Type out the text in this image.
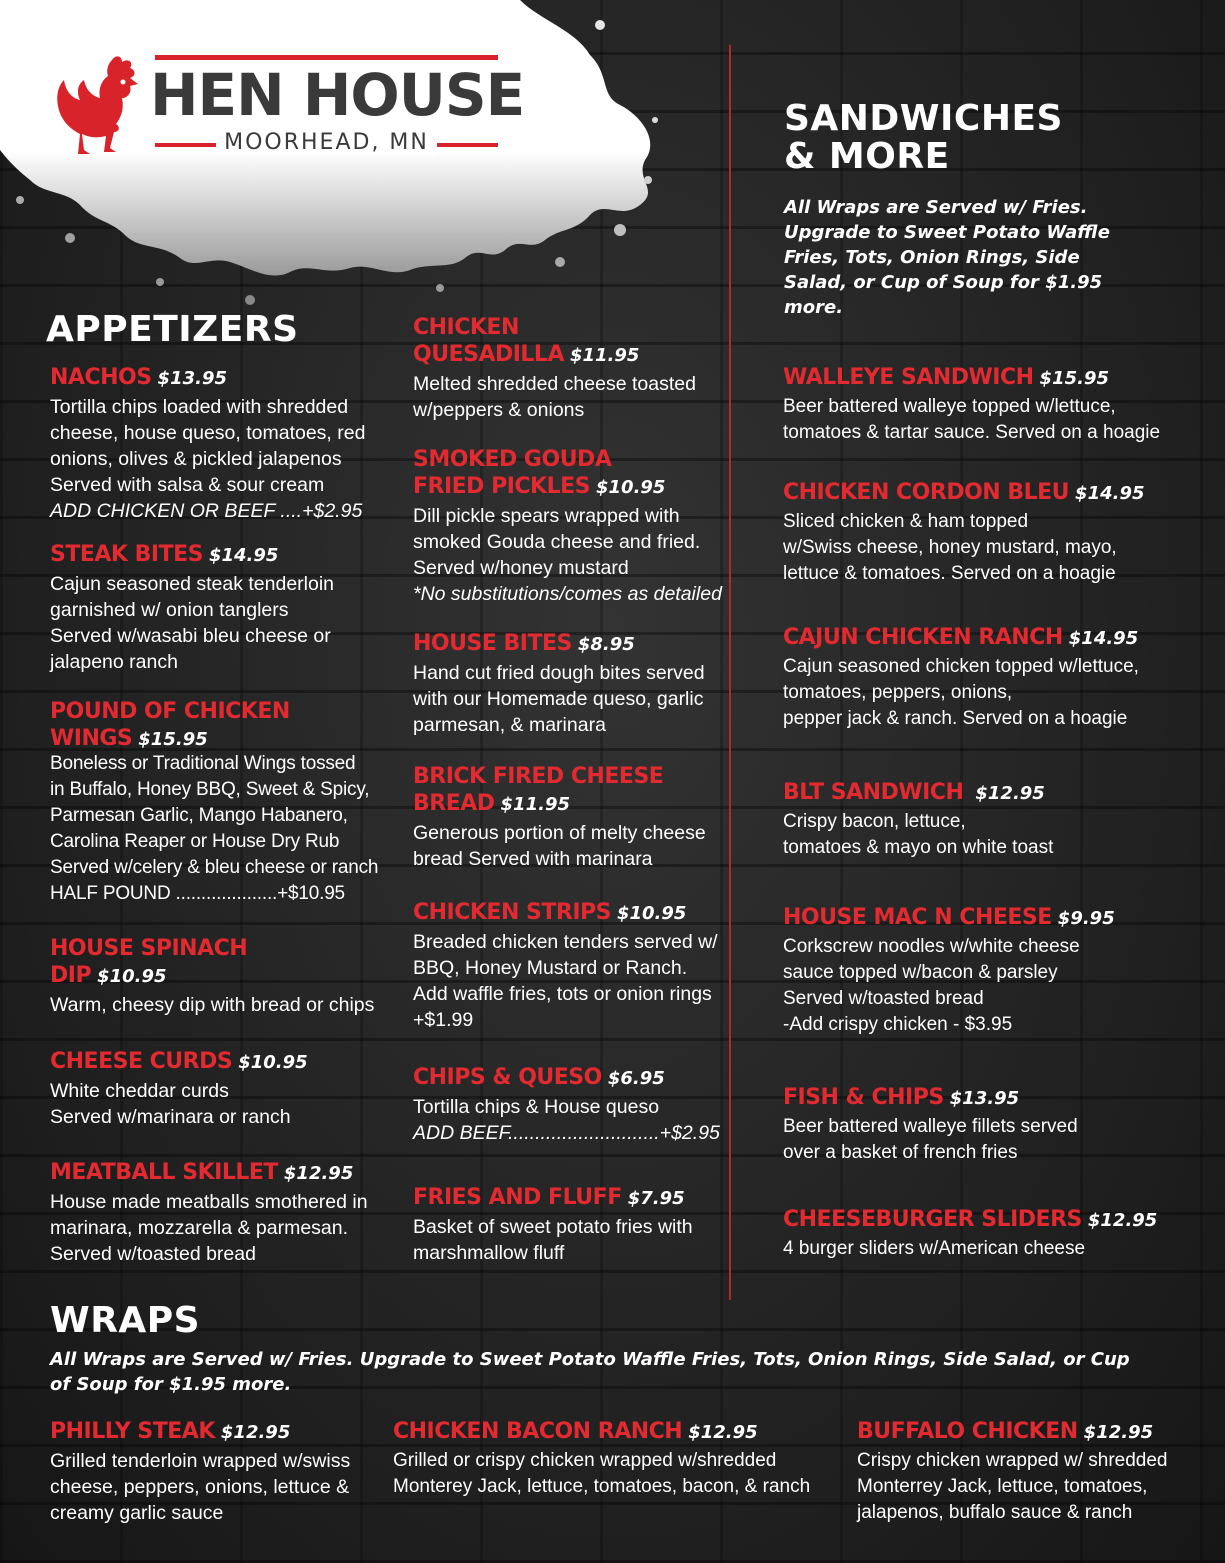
HEN HOUSE
MOORHEAD, MN
APPETIZERS
NACHOS $13.95
Tortilla chips loaded with shredded
cheese, house queso, tomatoes, red
onions, olives & pickled jalapenos
Served with salsa & sour cream
ADD CHICKEN OR BEEF ....+$2.95
STEAK BITES $14.95
Cajun seasoned steak tenderloin
garnished w/ onion tanglers
Served w/wasabi bleu cheese or
jalapeno ranch
POUND OF CHICKEN
WINGS $15.95
Boneless or Traditional Wings tossed
in Buffalo, Honey BBQ, Sweet & Spicy,
Parmesan Garlic, Mango Habanero,
Carolina Reaper or House Dry Rub
Served w/celery & bleu cheese or ranch
HALF POUND ....................+$10.95
HOUSE SPINACH
DIP $10.95
Warm, cheesy dip with bread or chips
CHEESE CURDS $10.95
White cheddar curds
Served w/marinara or ranch
MEATBALL SKILLET $12.95
House made meatballs smothered in
marinara, mozzarella & parmesan.
Served w/toasted bread
CHICKEN
QUESADILLA $11.95
Melted shredded cheese toasted
w/peppers & onions
SMOKED GOUDA
FRIED PICKLES $10.95
Dill pickle spears wrapped with
smoked Gouda cheese and fried.
Served w/honey mustard
*No substitutions/comes as detailed
HOUSE BITES $8.95
Hand cut fried dough bites served
with our Homemade queso, garlic
parmesan, & marinara
BRICK FIRED CHEESE
BREAD $11.95
Generous portion of melty cheese
bread Served with marinara
CHICKEN STRIPS $10.95
Breaded chicken tenders served w/
BBQ, Honey Mustard or Ranch.
Add waffle fries, tots or onion rings
+$1.99
CHIPS & QUESO $6.95
Tortilla chips & House queso
ADD BEEF............................+$2.95
FRIES AND FLUFF $7.95
Basket of sweet potato fries with
marshmallow fluff
SANDWICHES
& MORE
All Wraps are Served w/ Fries.
Upgrade to Sweet Potato Waffle
Fries, Tots, Onion Rings, Side
Salad, or Cup of Soup for $1.95
more.
WALLEYE SANDWICH $15.95
Beer battered walleye topped w/lettuce,
tomatoes & tartar sauce. Served on a hoagie
CHICKEN CORDON BLEU $14.95
Sliced chicken & ham topped
w/Swiss cheese, honey mustard, mayo,
lettuce & tomatoes. Served on a hoagie
CAJUN CHICKEN RANCH $14.95
Cajun seasoned chicken topped w/lettuce,
tomatoes, peppers, onions,
pepper jack & ranch. Served on a hoagie
BLT SANDWICH $12.95
Crispy bacon, lettuce,
tomatoes & mayo on white toast
HOUSE MAC N CHEESE $9.95
Corkscrew noodles w/white cheese
sauce topped w/bacon & parsley
Served w/toasted bread
-Add crispy chicken - $3.95
FISH & CHIPS $13.95
Beer battered walleye fillets served
over a basket of french fries
CHEESEBURGER SLIDERS $12.95
4 burger sliders w/American cheese
WRAPS
All Wraps are Served w/ Fries. Upgrade to Sweet Potato Waffle Fries, Tots, Onion Rings, Side Salad, or Cup
of Soup for $1.95 more.
PHILLY STEAK $12.95
Grilled tenderloin wrapped w/swiss
cheese, peppers, onions, lettuce &
creamy garlic sauce
CHICKEN BACON RANCH $12.95
Grilled or crispy chicken wrapped w/shredded
Monterey Jack, lettuce, tomatoes, bacon, & ranch
BUFFALO CHICKEN $12.95
Crispy chicken wrapped w/ shredded
Monterrey Jack, lettuce, tomatoes,
jalapenos, buffalo sauce & ranch
